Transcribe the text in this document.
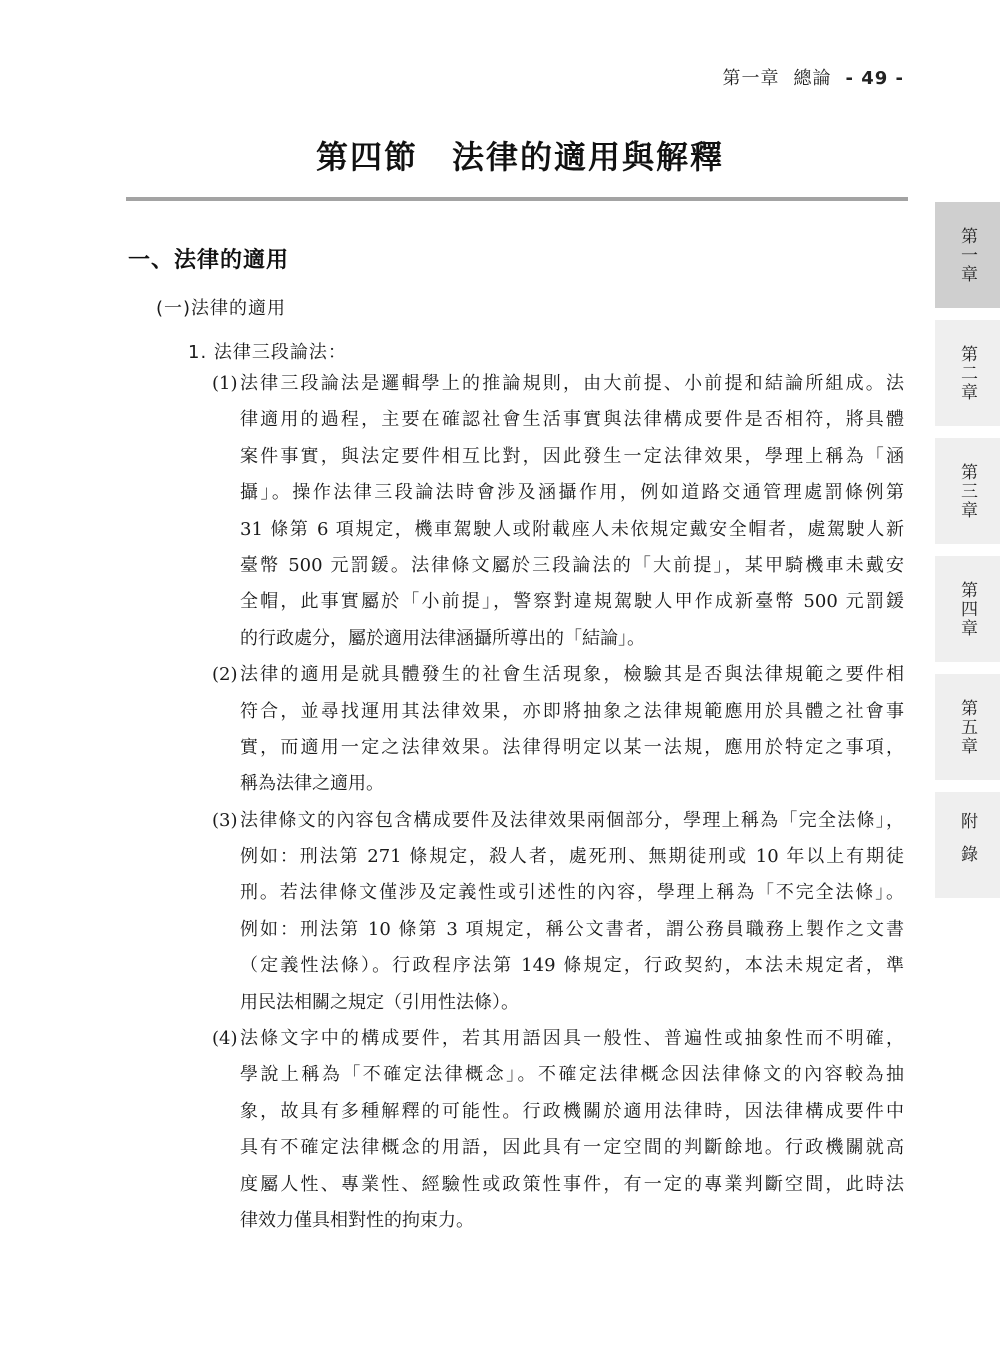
第一章 總論 - 49 -
第四節　法律的適用與解釋
第一章
第二章
第三章
第四章
第五章
附錄
一、法律的適用
(一)法律的適用
1. 法律三段論法：
(1) 法律三段論法是邏輯學上的推論規則，由大前提、小前提和結論所組成。法
律適用的過程，主要在確認社會生活事實與法律構成要件是否相符，將具體
案件事實，與法定要件相互比對，因此發生一定法律效果，學理上稱為「涵
攝」。操作法律三段論法時會涉及涵攝作用，例如道路交通管理處罰條例第
31 條第 6 項規定，機車駕駛人或附載座人未依規定戴安全帽者，處駕駛人新
臺幣 500 元罰鍰。法律條文屬於三段論法的「大前提」，某甲騎機車未戴安
全帽，此事實屬於「小前提」，警察對違規駕駛人甲作成新臺幣 500 元罰鍰
的行政處分，屬於適用法律涵攝所導出的「結論」。
(2) 法律的適用是就具體發生的社會生活現象，檢驗其是否與法律規範之要件相
符合，並尋找運用其法律效果，亦即將抽象之法律規範應用於具體之社會事
實，而適用一定之法律效果。法律得明定以某一法規，應用於特定之事項，
稱為法律之適用。
(3) 法律條文的內容包含構成要件及法律效果兩個部分，學理上稱為「完全法條」，
例如：刑法第 271 條規定，殺人者，處死刑、無期徒刑或 10 年以上有期徒
刑。若法律條文僅涉及定義性或引述性的內容，學理上稱為「不完全法條」。
例如：刑法第 10 條第 3 項規定，稱公文書者，謂公務員職務上製作之文書
（定義性法條）。行政程序法第 149 條規定，行政契約，本法未規定者，準
用民法相關之規定（引用性法條）。
(4) 法條文字中的構成要件，若其用語因具一般性、普遍性或抽象性而不明確，
學說上稱為「不確定法律概念」。不確定法律概念因法律條文的內容較為抽
象，故具有多種解釋的可能性。行政機關於適用法律時，因法律構成要件中
具有不確定法律概念的用語，因此具有一定空間的判斷餘地。行政機關就高
度屬人性、專業性、經驗性或政策性事件，有一定的專業判斷空間，此時法
律效力僅具相對性的拘束力。
